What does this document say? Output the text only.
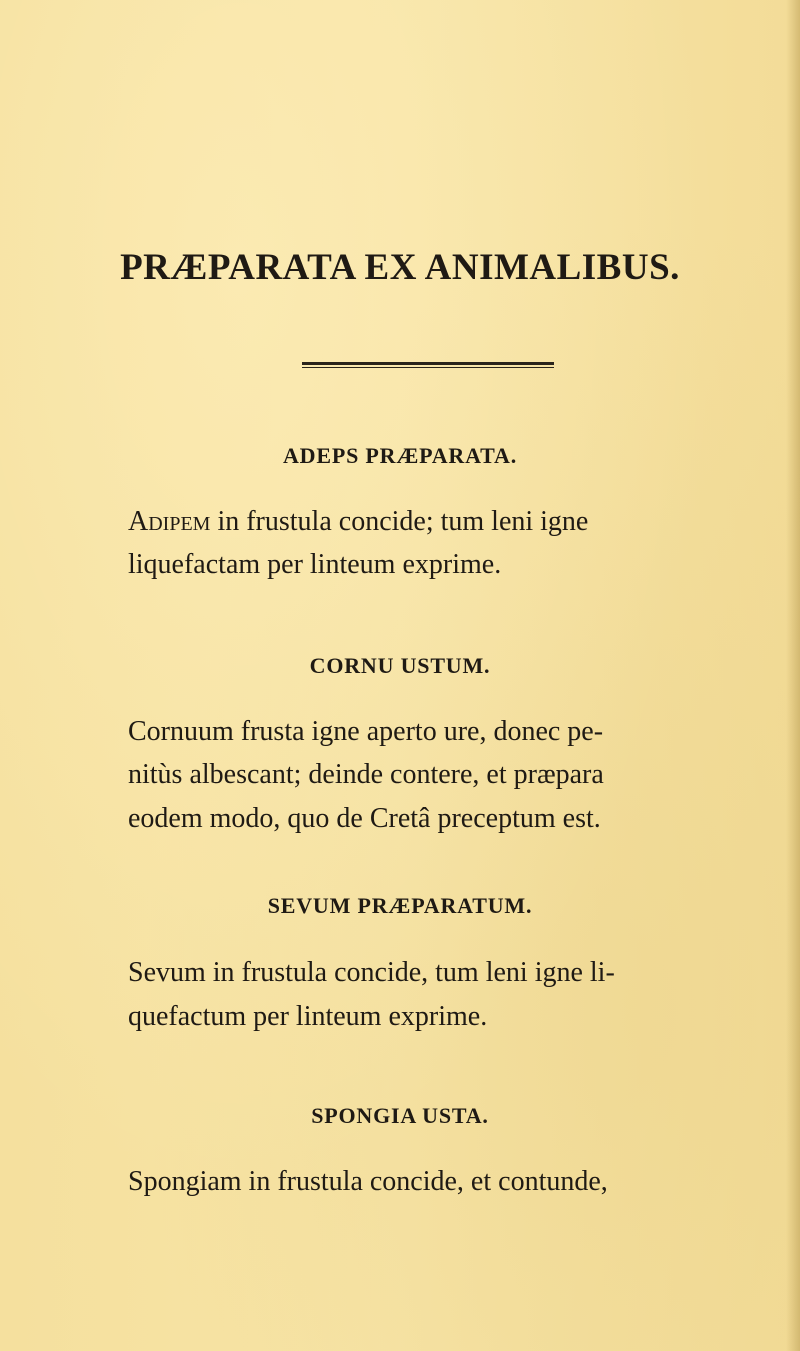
PRÆPARATA EX ANIMALIBUS.
ADEPS PRÆPARATA.

Adipem in frustula concide; tum leni igne

liquefactam per linteum exprime.

CORNU USTUM.

Cornuum frusta igne aperto ure, donec pe-

nitùs albescant; deinde contere, et præpara

eodem modo, quo de Cretâ preceptum est.

SEVUM PRÆPARATUM.

Sevum in frustula concide, tum leni igne li-

quefactum per linteum exprime.

SPONGIA USTA.

Spongiam in frustula concide, et contunde,
